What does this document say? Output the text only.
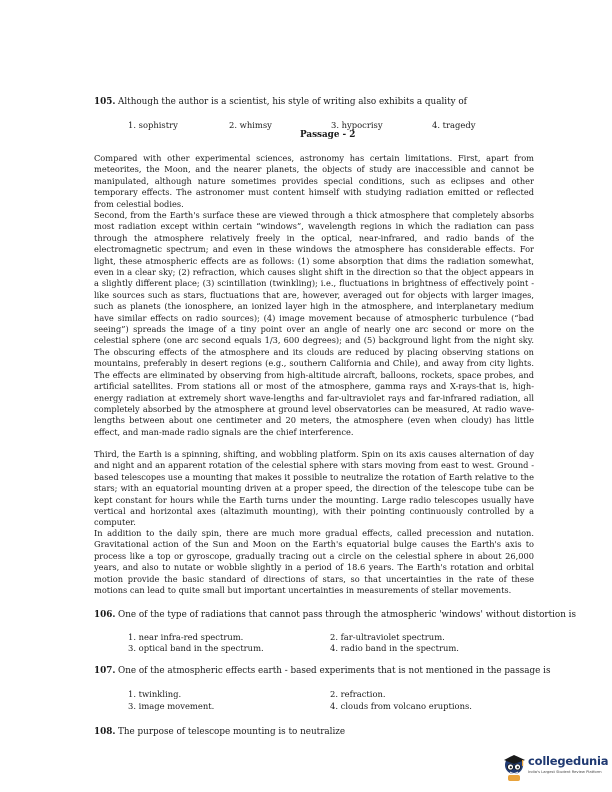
105. Although the author is a scientist, his style of writing also exhibits a quality of
1. sophistry	2. whimsy	3. hypocrisy	4. tragedy
Passage - 2

Compared with other experimental sciences, astronomy has certain limitations. First, apart from meteorites, the Moon, and the nearer planets, the objects of study are inaccessible and cannot be manipulated, although nature sometimes provides special conditions, such as eclipses and other temporary effects. The astronomer must content himself with studying radiation emitted or reflected from celestial bodies.

Second, from the Earth's surface these are viewed through a thick atmosphere that completely absorbs most radiation except within certain “windows”, wavelength regions in which the radiation can pass through the atmosphere relatively freely in the optical, near-infrared, and radio bands of the electromagnetic spectrum; and even in these windows the atmosphere has considerable effects. For light, these atmospheric effects are as follows: (1) some absorption that dims the radiation somewhat, even in a clear sky; (2) refraction, which causes slight shift in the direction so that the object appears in a slightly different place; (3) scintillation (twinkling); i.e., fluctuations in brightness of effectively point - like sources such as stars, fluctuations that are, however, averaged out for objects with larger images, such as planets (the ionosphere, an ionized layer high in the atmosphere, and interplanetary medium have similar effects on radio sources); (4) image movement because of atmospheric turbulence (“bad seeing”) spreads the image of a tiny point over an angle of nearly one arc second or more on the celestial sphere (one arc second equals 1/3, 600 degrees); and (5) background light from the night sky. The obscuring effects of the atmosphere and its clouds are reduced by placing observing stations on mountains, preferably in desert regions (e.g., southern California and Chile), and away from city lights. The effects are eliminated by observing from high-altitude aircraft, balloons, rockets, space probes, and artificial satellites. From stations all or most of the atmosphere, gamma rays and X-rays-that is, high-energy radiation at extremely short wave-lengths and far-ultraviolet rays and far-infrared radiation, all completely absorbed by the atmosphere at ground level observatories can be measured, At radio wave-lengths between about one centimeter and 20 meters, the atmosphere (even when cloudy) has little effect, and man-made radio signals are the chief interference.

Third, the Earth is a spinning, shifting, and wobbling platform. Spin on its axis causes alternation of day and night and an apparent rotation of the celestial sphere with stars moving from east to west. Ground - based telescopes use a mounting that makes it possible to neutralize the rotation of Earth relative to the stars; with an equatorial mounting driven at a proper speed, the direction of the telescope tube can be kept constant for hours while the Earth turns under the mounting. Large radio telescopes usually have vertical and horizontal axes (altazimuth mounting), with their pointing continuously controlled by a computer.

In addition to the daily spin, there are much more gradual effects, called precession and nutation. Gravitational action of the Sun and Moon on the Earth's equatorial bulge causes the Earth's axis to process like a top or gyroscope, gradually tracing out a circle on the celestial sphere in about 26,000 years, and also to nutate or wobble slightly in a period of 18.6 years. The Earth's rotation and orbital motion provide the basic standard of directions of stars, so that uncertainties in the rate of these motions can lead to quite small but important uncertainties in measurements of stellar movements.

106. One of the type of radiations that cannot pass through the atmospheric 'windows' without distortion is
1. near infra-red spectrum.	2. far-ultraviolet spectrum.
3. optical band in the spectrum.	4. radio band in the spectrum.
107. One of the atmospheric effects earth - based experiments that is not mentioned in the passage is
1. twinkling.	2. refraction.
3. image movement.	4. clouds from volcano eruptions.
108. The purpose of telescope mounting is to neutralize
collegedunia
India's Largest Student Review Platform
